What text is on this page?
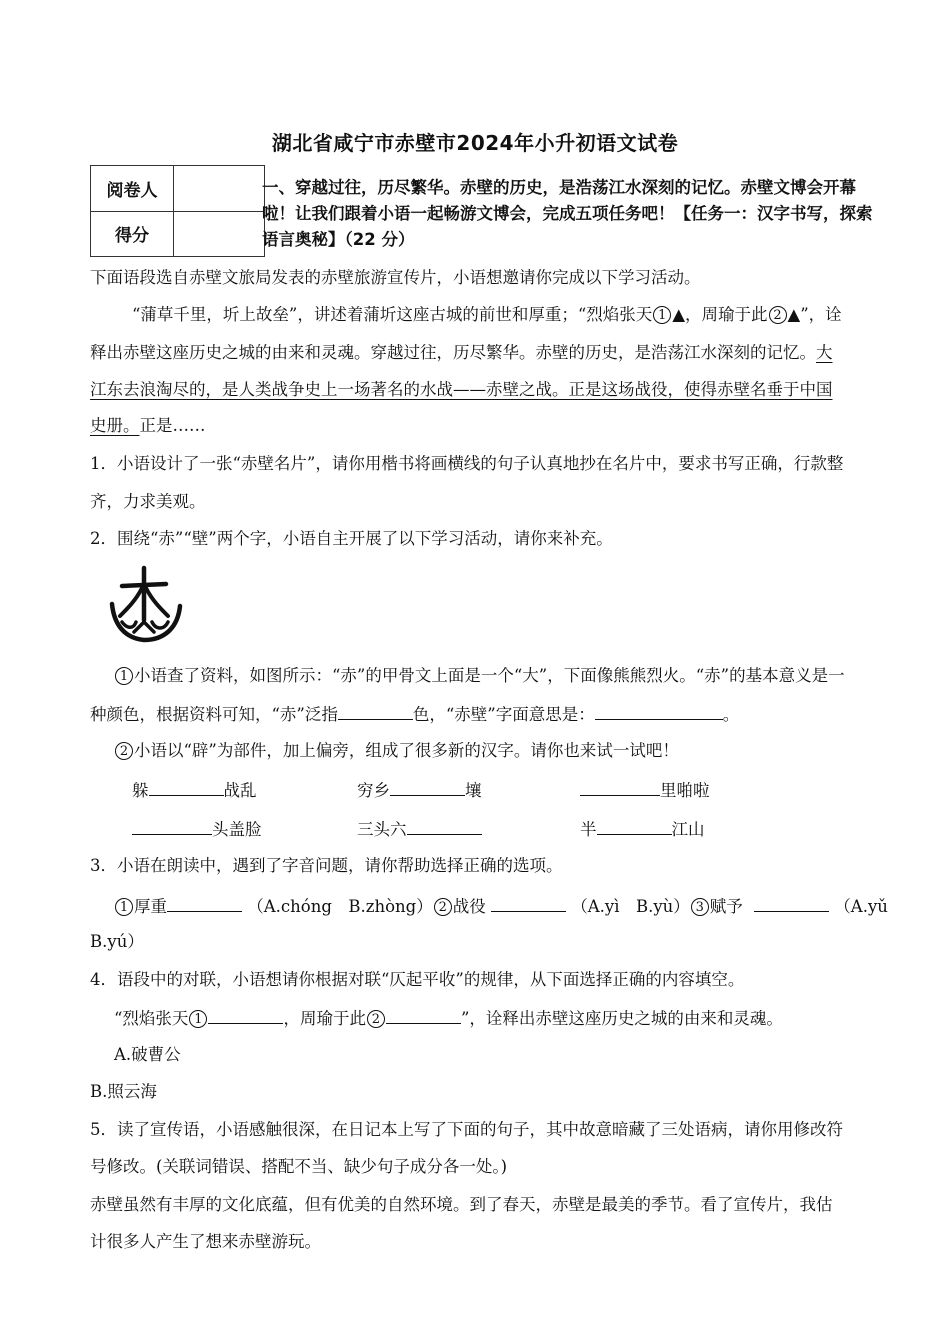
湖北省咸宁市赤壁市2024年小升初语文试卷
阅卷人	
得分	
一、穿越过往，历尽繁华。赤壁的历史，是浩荡江水深刻的记忆。赤壁文博会开幕啦！让我们跟着小语一起畅游文博会，完成五项任务吧！【任务一：汉字书写，探索语言奥秘】（22 分）
下面语段选自赤壁文旅局发表的赤壁旅游宣传片，小语想邀请你完成以下学习活动。
“蒲草千里，圻上故垒”，讲述着蒲圻这座古城的前世和厚重；“烈焰张天 1 ▲，周瑜于此 2 ▲”，诠
释出赤壁这座历史之城的由来和灵魂。穿越过往，历尽繁华。赤壁的历史，是浩荡江水深刻的记忆。大
江东去浪淘尽的，是人类战争史上一场著名的水战——赤壁之战。正是这场战役，使得赤壁名垂于中国
史册。正是……
1．小语设计了一张“赤壁名片”，请你用楷书将画横线的句子认真地抄在名片中，要求书写正确，行款整
齐，力求美观。
2．围绕“赤”“壁”两个字，小语自主开展了以下学习活动，请你来补充。
1 小语查了资料，如图所示：“赤”的甲骨文上面是一个“大”，下面像熊熊烈火。“赤”的基本意义是一
种颜色，根据资料可知，“赤”泛指	色，“赤壁”字面意思是：	。
2 小语以“辟”为部件，加上偏旁，组成了很多新的汉字。请你也来试一试吧！
躲	战乱	穷乡	壤	里啪啦
头盖脸	三头六	半	江山
3．小语在朗读中，遇到了字音问题，请你帮助选择正确的选项。
1 厚重	（A.chóng　B.zhòng） 2 战役	（A.yì　B.yù） 3 赋予	（A.yǔ
B.yú）
4．语段中的对联，小语想请你根据对联“仄起平收”的规律，从下面选择正确的内容填空。
“烈焰张天 1	，周瑜于此 2	”，诠释出赤壁这座历史之城的由来和灵魂。
A.破曹公
B.照云海
5．读了宣传语，小语感触很深，在日记本上写了下面的句子，其中故意暗藏了三处语病，请你用修改符
号修改。(关联词错误、搭配不当、缺少句子成分各一处。)
赤壁虽然有丰厚的文化底蕴，但有优美的自然环境。到了春天，赤壁是最美的季节。看了宣传片，我估
计很多人产生了想来赤壁游玩。
